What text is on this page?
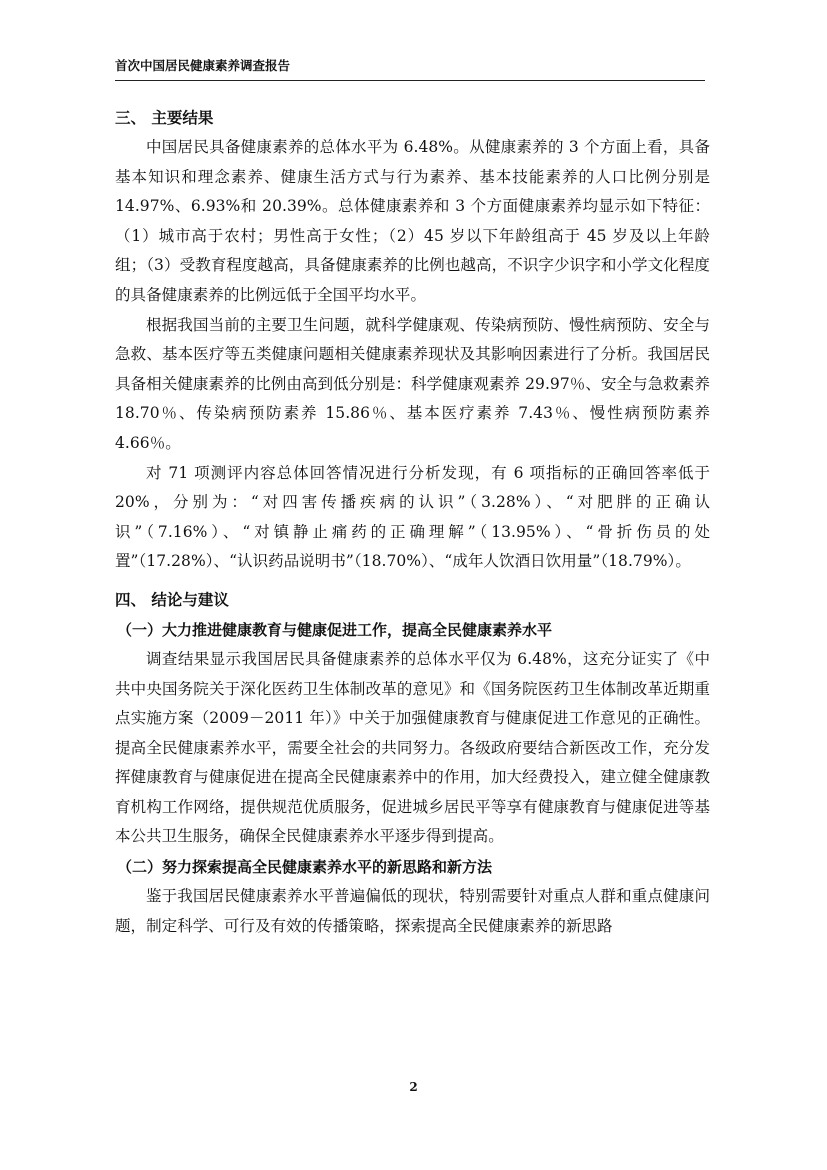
首次中国居民健康素养调查报告
三、 主要结果

中国居民具备健康素养的总体水平为 6.48%。从健康素养的 3 个方面上看，具备基本知识和理念素养、健康生活方式与行为素养、基本技能素养的人口比例分别是 14.97%、6.93%和 20.39%。总体健康素养和 3 个方面健康素养均显示如下特征：（1）城市高于农村；男性高于女性；（2）45 岁以下年龄组高于 45 岁及以上年龄组；（3）受教育程度越高，具备健康素养的比例也越高，不识字少识字和小学文化程度的具备健康素养的比例远低于全国平均水平。

根据我国当前的主要卫生问题，就科学健康观、传染病预防、慢性病预防、安全与急救、基本医疗等五类健康问题相关健康素养现状及其影响因素进行了分析。我国居民具备相关健康素养的比例由高到低分别是：科学健康观素养 29.97％、安全与急救素养 18.70％、传染病预防素养 15.86％、基本医疗素养 7.43％、慢性病预防素养 4.66％。

对 71 项测评内容总体回答情况进行分析发现，有 6 项指标的正确回答率低于 20%，分别为：“对四害传播疾病的认识”（3.28%）、“对肥胖的正确认识”（7.16%）、“对镇静止痛药的正确理解”（13.95%）、“骨折伤员的处置”（17.28%）、“认识药品说明书”（18.70%）、“成年人饮酒日饮用量”（18.79%）。

四、 结论与建议
（一）大力推进健康教育与健康促进工作，提高全民健康素养水平

调查结果显示我国居民具备健康素养的总体水平仅为 6.48%，这充分证实了《中共中央国务院关于深化医药卫生体制改革的意见》和《国务院医药卫生体制改革近期重点实施方案（2009－2011 年）》中关于加强健康教育与健康促进工作意见的正确性。提高全民健康素养水平，需要全社会的共同努力。各级政府要结合新医改工作，充分发挥健康教育与健康促进在提高全民健康素养中的作用，加大经费投入，建立健全健康教育机构工作网络，提供规范优质服务，促进城乡居民平等享有健康教育与健康促进等基本公共卫生服务，确保全民健康素养水平逐步得到提高。

（二）努力探索提高全民健康素养水平的新思路和新方法

鉴于我国居民健康素养水平普遍偏低的现状，特别需要针对重点人群和重点健康问题，制定科学、可行及有效的传播策略，探索提高全民健康素养的新思路

2
